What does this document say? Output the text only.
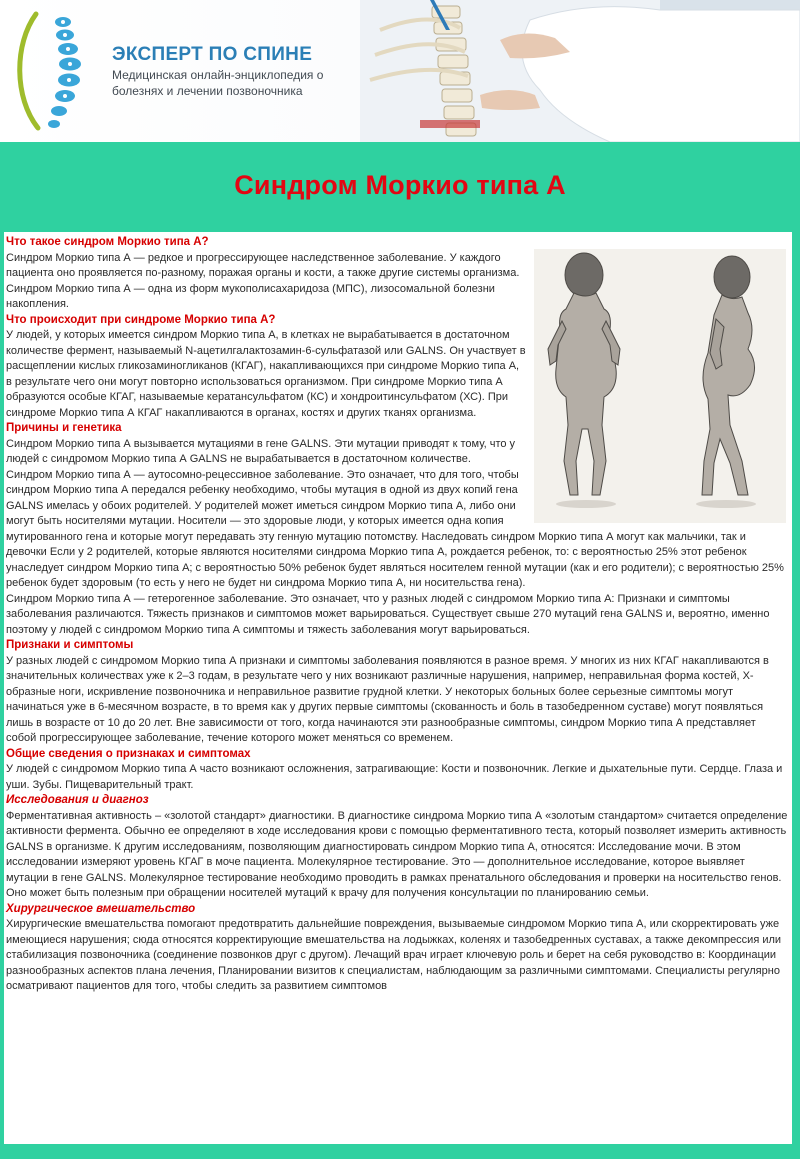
ЭКСПЕРТ ПО СПИНЕ
Медицинская онлайн-энциклопедия о болезнях и лечении позвоночника
Синдром Моркио типа А
Что такое синдром Моркио типа А?

Синдром Моркио типа А — редкое и прогрессирующее наследственное заболевание. У каждого пациента оно проявляется по-разному, поражая органы и кости, а также другие системы организма. Синдром Моркио типа А — одна из форм мукополисахаридоза (МПС), лизосомальной болезни накопления.

Что происходит при синдроме Моркио типа А?

У людей, у которых имеется синдром Моркио типа А, в клетках не вырабатывается в достаточном количестве фермент, называемый N-ацетилгалактозамин-6-сульфатазой или GALNS. Он участвует в расщеплении кислых гликозаминогликанов (КГАГ), накапливающихся при синдроме Моркио типа А, в результате чего они могут повторно использоваться организмом. При синдроме Моркио типа А образуются особые КГАГ, называемые кератансульфатом (КС) и хондроитинсульфатом (ХС). При синдроме Моркио типа А КГАГ накапливаются в органах, костях и других тканях организма.

Причины и генетика

Синдром Моркио типа А вызывается мутациями в гене GALNS. Эти мутации приводят к тому, что у людей с синдромом Моркио типа А GALNS не вырабатывается в достаточном количестве.

Синдром Моркио типа А — аутосомно-рецессивное заболевание. Это означает, что для того, чтобы синдром Моркио типа А передался ребенку необходимо, чтобы мутация в одной из двух копий гена GALNS имелась у обоих родителей. У родителей может иметься синдром Моркио типа А, либо они могут быть носителями мутации. Носители — это здоровые люди, у которых имеется одна копия мутированного гена и которые могут передавать эту генную мутацию потомству. Наследовать синдром Моркио типа А могут как мальчики, так и девочки Если у 2 родителей, которые являются носителями синдрома Моркио типа А, рождается ребенок, то: с вероятностью 25% этот ребенок унаследует синдром Моркио типа А; с вероятностью 50% ребенок будет являться носителем генной мутации (как и его родители); с вероятностью 25% ребенок будет здоровым (то есть у него не будет ни синдрома Моркио типа А, ни носительства гена).

Синдром Моркио типа А — гетерогенное заболевание. Это означает, что у разных людей с синдромом Моркио типа А: Признаки и симптомы заболевания различаются. Тяжесть признаков и симптомов может варьироваться. Существует свыше 270 мутаций гена GALNS и, вероятно, именно поэтому у людей с синдромом Моркио типа А симптомы и тяжесть заболевания могут варьироваться.

Признаки и симптомы

У разных людей с синдромом Моркио типа А признаки и симптомы заболевания появляются в разное время. У многих из них КГАГ накапливаются в значительных количествах уже к 2–3 годам, в результате чего у них возникают различные нарушения, например, неправильная форма костей, Х-образные ноги, искривление позвоночника и неправильное развитие грудной клетки. У некоторых больных более серьезные симптомы могут начинаться уже в 6-месячном возрасте, в то время как у других первые симптомы (скованность и боль в тазобедренном суставе) могут появляться лишь в возрасте от 10 до 20 лет. Вне зависимости от того, когда начинаются эти разнообразные симптомы, синдром Моркио типа А представляет собой прогрессирующее заболевание, течение которого может меняться со временем.

Общие сведения о признаках и симптомах

У людей с синдромом Моркио типа А часто возникают осложнения, затрагивающие: Кости и позвоночник. Легкие и дыхательные пути. Сердце. Глаза и уши. Зубы. Пищеварительный тракт.

Исследования и диагноз

Ферментативная активность – «золотой стандарт» диагностики. В диагностике синдрома Моркио типа А «золотым стандартом» считается определение активности фермента. Обычно ее определяют в ходе исследования крови с помощью ферментативного теста, который позволяет измерить активность GALNS в организме. К другим исследованиям, позволяющим диагностировать синдром Моркио типа А, относятся: Исследование мочи. В этом исследовании измеряют уровень КГАГ в моче пациента. Молекулярное тестирование. Это — дополнительное исследование, которое выявляет мутации в гене GALNS. Молекулярное тестирование необходимо проводить в рамках пренатального обследования и проверки на носительство генов. Оно может быть полезным при обращении носителей мутаций к врачу для получения консультации по планированию семьи.

Хирургическое вмешательство

Хирургические вмешательства помогают предотвратить дальнейшие повреждения, вызываемые синдромом Моркио типа А, или скорректировать уже имеющиеся нарушения; сюда относятся корректирующие вмешательства на лодыжках, коленях и тазобедренных суставах, а также декомпрессия или стабилизация позвоночника (соединение позвонков друг с другом). Лечащий врач играет ключевую роль и берет на себя руководство в: Координации разнообразных аспектов плана лечения, Планировании визитов к специалистам, наблюдающим за различными симптомами. Специалисты регулярно осматривают пациентов для того, чтобы следить за развитием симптомов
